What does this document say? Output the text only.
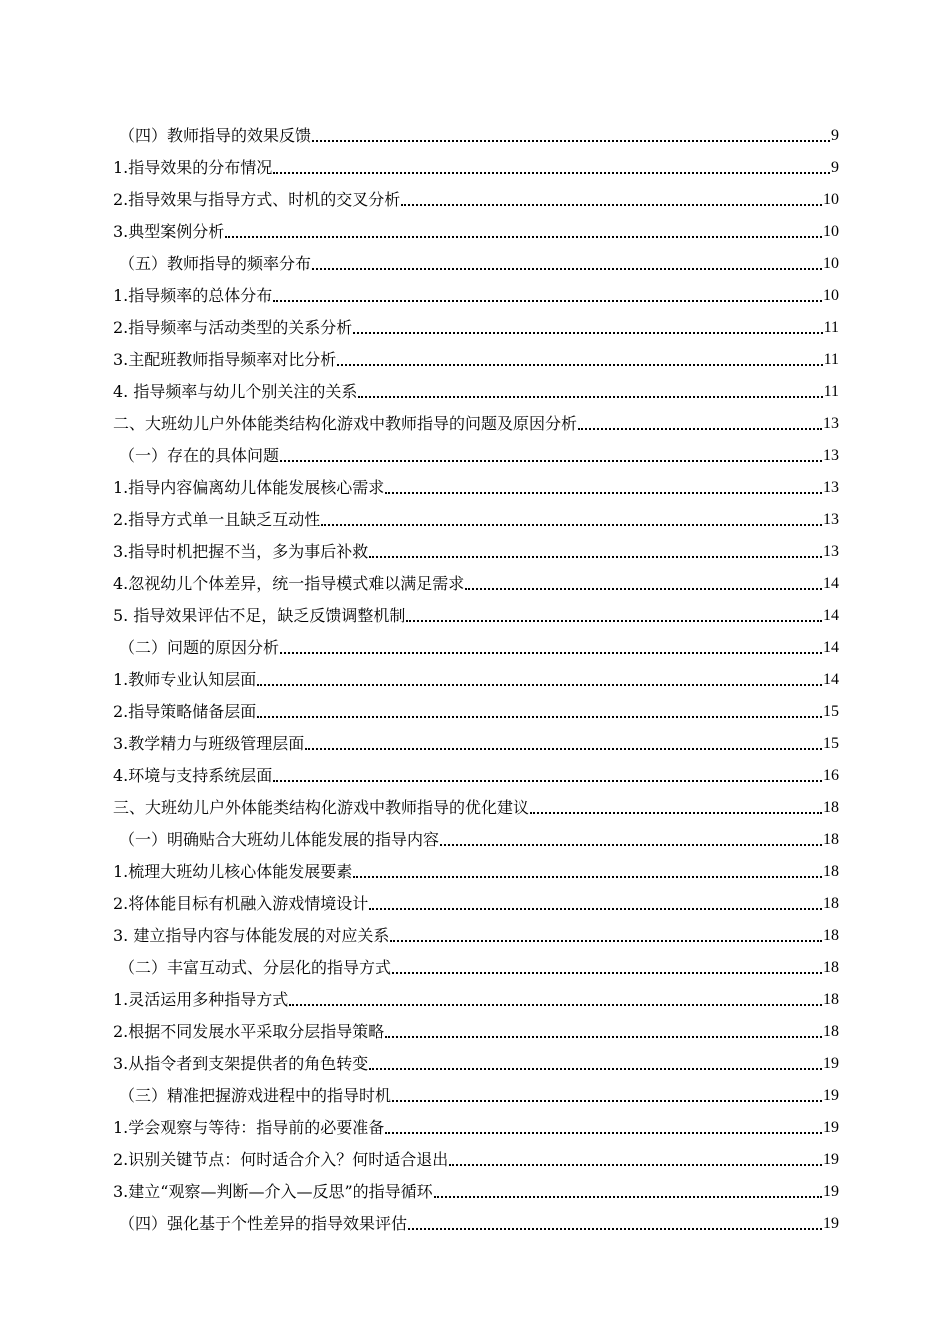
（四）教师指导的效果反馈	9
1.指导效果的分布情况	9
2.指导效果与指导方式、时机的交叉分析	10
3.典型案例分析	10
（五）教师指导的频率分布	10
1.指导频率的总体分布	10
2.指导频率与活动类型的关系分析	11
3.主配班教师指导频率对比分析	11
4. 指导频率与幼儿个别关注的关系	11
二、大班幼儿户外体能类结构化游戏中教师指导的问题及原因分析	13
（一）存在的具体问题	13
1.指导内容偏离幼儿体能发展核心需求	13
2.指导方式单一且缺乏互动性	13
3.指导时机把握不当，多为事后补救	13
4.忽视幼儿个体差异，统一指导模式难以满足需求	14
5. 指导效果评估不足，缺乏反馈调整机制	14
（二）问题的原因分析	14
1.教师专业认知层面	14
2.指导策略储备层面	15
3.教学精力与班级管理层面	15
4.环境与支持系统层面	16
三、大班幼儿户外体能类结构化游戏中教师指导的优化建议	18
（一）明确贴合大班幼儿体能发展的指导内容	18
1.梳理大班幼儿核心体能发展要素	18
2.将体能目标有机融入游戏情境设计	18
3. 建立指导内容与体能发展的对应关系	18
（二）丰富互动式、分层化的指导方式	18
1.灵活运用多种指导方式	18
2.根据不同发展水平采取分层指导策略	18
3.从指令者到支架提供者的角色转变	19
（三）精准把握游戏进程中的指导时机	19
1.学会观察与等待：指导前的必要准备	19
2.识别关键节点：何时适合介入？何时适合退出	19
3.建立“观察—判断—介入—反思”的指导循环	19
（四）强化基于个性差异的指导效果评估	19
